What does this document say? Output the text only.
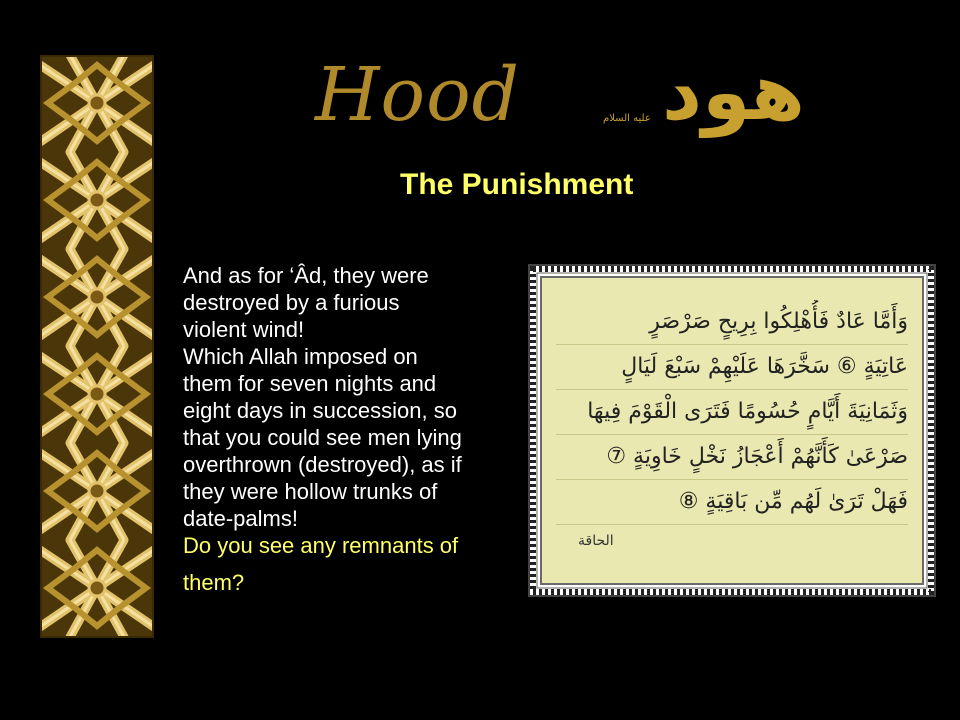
Hood هود
عليه السلام
The Punishment
And as for ‘Âd, they were
destroyed by a furious
violent wind!
Which Allah imposed on
them for seven nights and
eight days in succession, so
that you could see men lying
overthrown (destroyed), as if
they were hollow trunks of
date-palms!
Do you see any remnants of
them?
وَأَمَّا عَادٌ فَأُهْلِكُوا بِرِيحٍ صَرْصَرٍ
عَاتِيَةٍ ⑥ سَخَّرَهَا عَلَيْهِمْ سَبْعَ لَيَالٍ
وَثَمَانِيَةَ أَيَّامٍ حُسُومًا فَتَرَى الْقَوْمَ فِيهَا
صَرْعَىٰ كَأَنَّهُمْ أَعْجَازُ نَخْلٍ خَاوِيَةٍ ⑦
فَهَلْ تَرَىٰ لَهُم مِّن بَاقِيَةٍ ⑧
الحاقة
